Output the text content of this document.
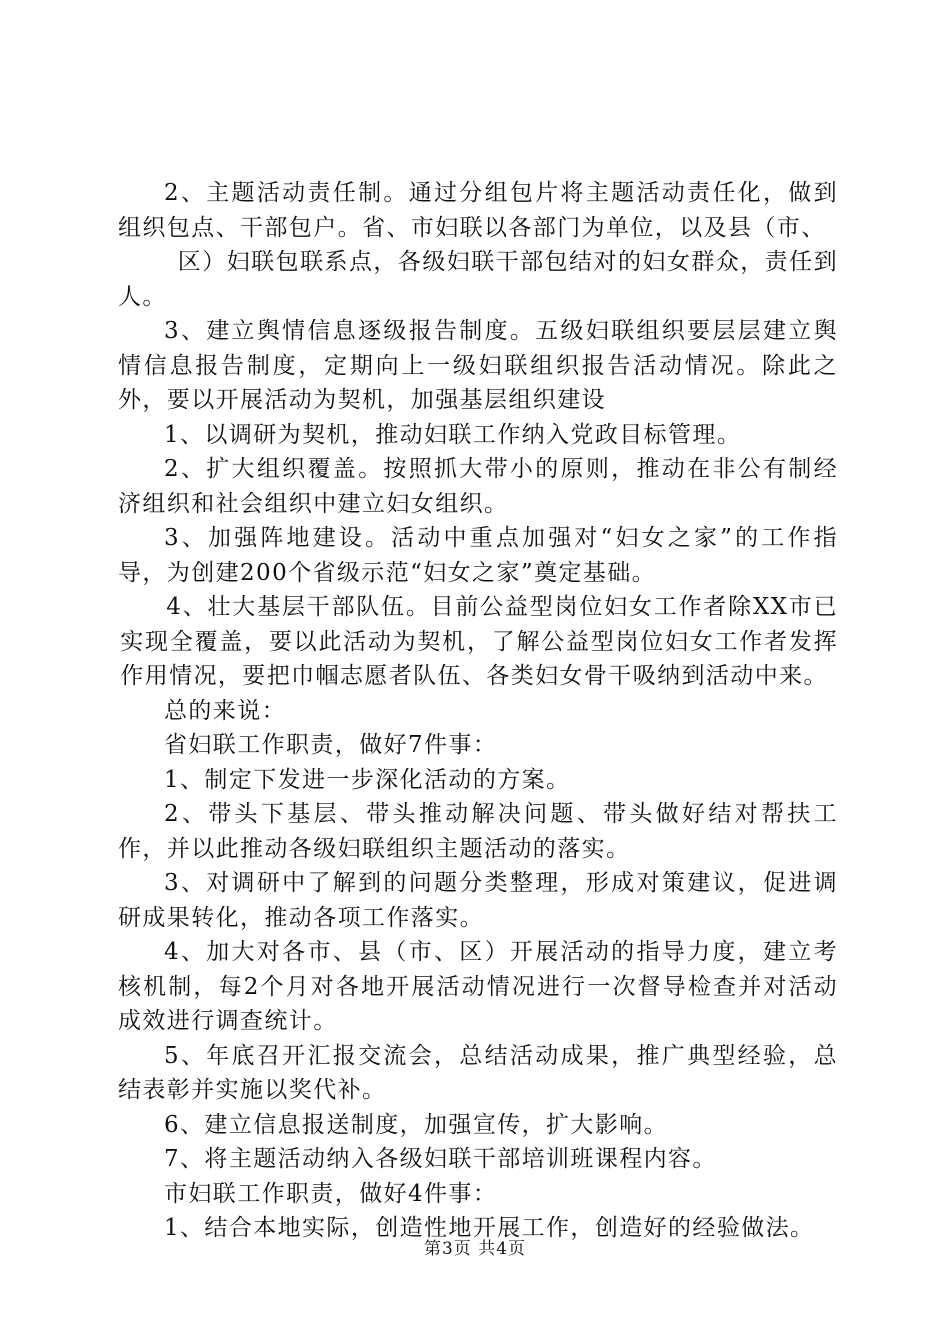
2、主题活动责任制。通过分组包片将主题活动责任化，做到组织包点、干部包户。省、市妇联以各部门为单位，以及县（市、

区）妇联包联系点，各级妇联干部包结对的妇女群众，责任到人。

3、建立舆情信息逐级报告制度。五级妇联组织要层层建立舆情信息报告制度，定期向上一级妇联组织报告活动情况。除此之外，要以开展活动为契机，加强基层组织建设

1、以调研为契机，推动妇联工作纳入党政目标管理。

2、扩大组织覆盖。按照抓大带小的原则，推动在非公有制经济组织和社会组织中建立妇女组织。

3、加强阵地建设。活动中重点加强对“妇女之家”的工作指导，为创建200个省级示范“妇女之家”奠定基础。

4、壮大基层干部队伍。目前公益型岗位妇女工作者除XX市已实现全覆盖，要以此活动为契机，了解公益型岗位妇女工作者发挥作用情况，要把巾帼志愿者队伍、各类妇女骨干吸纳到活动中来。

总的来说：

省妇联工作职责，做好7件事：

1、制定下发进一步深化活动的方案。

2、带头下基层、带头推动解决问题、带头做好结对帮扶工作，并以此推动各级妇联组织主题活动的落实。

3、对调研中了解到的问题分类整理，形成对策建议，促进调研成果转化，推动各项工作落实。

4、加大对各市、县（市、区）开展活动的指导力度，建立考核机制，每2个月对各地开展活动情况进行一次督导检查并对活动成效进行调查统计。

5、年底召开汇报交流会，总结活动成果，推广典型经验，总结表彰并实施以奖代补。

6、建立信息报送制度，加强宣传，扩大影响。

7、将主题活动纳入各级妇联干部培训班课程内容。

市妇联工作职责，做好4件事：

1、结合本地实际，创造性地开展工作，创造好的经验做法。

第3页 共4页
